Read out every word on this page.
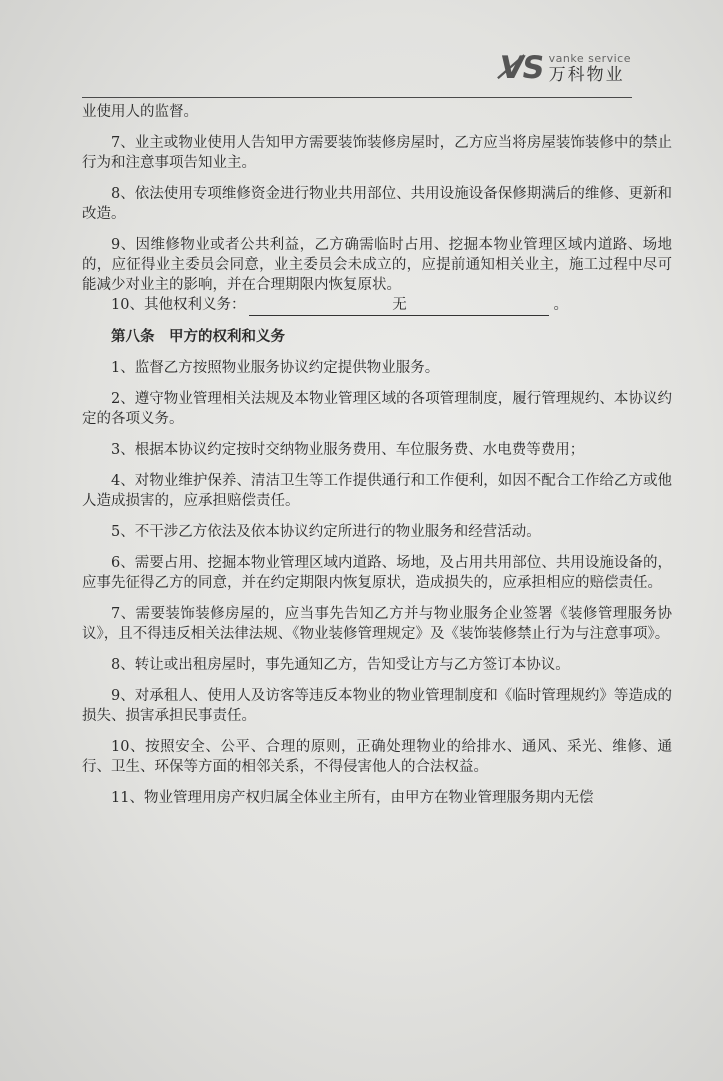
V̸S vanke service
万科物业

业使用人的监督。

7、业主或物业使用人告知甲方需要装饰装修房屋时，乙方应当将房屋装饰装修中的禁止行为和注意事项告知业主。

8、依法使用专项维修资金进行物业共用部位、共用设施设备保修期满后的维修、更新和改造。

9、因维修物业或者公共利益，乙方确需临时占用、挖掘本物业管理区域内道路、场地的，应征得业主委员会同意，业主委员会未成立的，应提前通知相关业主，施工过程中尽可能减少对业主的影响，并在合理期限内恢复原状。

10、其他权利义务：	无	。

第八条　甲方的权利和义务

1、监督乙方按照物业服务协议约定提供物业服务。

2、遵守物业管理相关法规及本物业管理区域的各项管理制度，履行管理规约、本协议约定的各项义务。

3、根据本协议约定按时交纳物业服务费用、车位服务费、水电费等费用；

4、对物业维护保养、清洁卫生等工作提供通行和工作便利，如因不配合工作给乙方或他人造成损害的，应承担赔偿责任。

5、不干涉乙方依法及依本协议约定所进行的物业服务和经营活动。

6、需要占用、挖掘本物业管理区域内道路、场地，及占用共用部位、共用设施设备的，应事先征得乙方的同意，并在约定期限内恢复原状，造成损失的，应承担相应的赔偿责任。

7、需要装饰装修房屋的，应当事先告知乙方并与物业服务企业签署《装修管理服务协议》，且不得违反相关法律法规、《物业装修管理规定》及《装饰装修禁止行为与注意事项》。

8、转让或出租房屋时，事先通知乙方，告知受让方与乙方签订本协议。

9、对承租人、使用人及访客等违反本物业的物业管理制度和《临时管理规约》等造成的损失、损害承担民事责任。

10、按照安全、公平、合理的原则，正确处理物业的给排水、通风、采光、维修、通行、卫生、环保等方面的相邻关系，不得侵害他人的合法权益。

11、物业管理用房产权归属全体业主所有，由甲方在物业管理服务期内无偿
